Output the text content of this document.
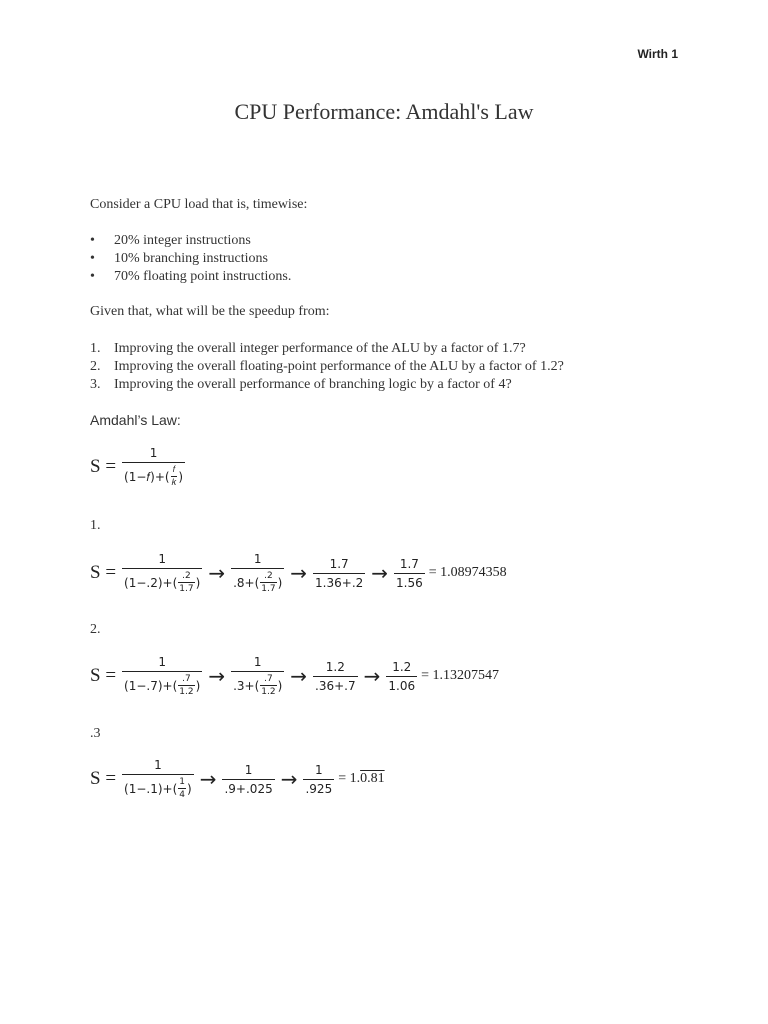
Wirth 1
CPU Performance: Amdahl's Law
Consider a CPU load that is, timewise:
• 20% integer instructions
• 10% branching instructions
• 70% floating point instructions.
Given that, what will be the speedup from:
1. Improving the overall integer performance of the ALU by a factor of 1.7?
2. Improving the overall floating-point performance of the ALU by a factor of 1.2?
3. Improving the overall performance of branching logic by a factor of 4?
Amdahl’s Law:
$S = \frac{1}{(1-𝑓)+( \frac{\text{𝑓}}{\text{𝑘}} )}$
1.
$S = \frac{1}{(1-.2)+( \frac{.2}{1.7} )} \to \frac{1}{.8+( \frac{.2}{1.7} )} \to \frac{1.7}{1.36+.2} \to \frac{1.7}{1.56} = 1.08974358$
2.
$S = \frac{1}{(1-.7)+( \frac{.7}{1.2} )} \to \frac{1}{.3+( \frac{.7}{1.2} )} \to \frac{1.2}{.36+.7} \to \frac{1.2}{1.06} = 1.13207547$
.3
$S = \frac{1}{(1-.1)+( \frac{1}{4} )} \to \frac{1}{.9+.025} \to \frac{1}{.925} = 1.0.81$
